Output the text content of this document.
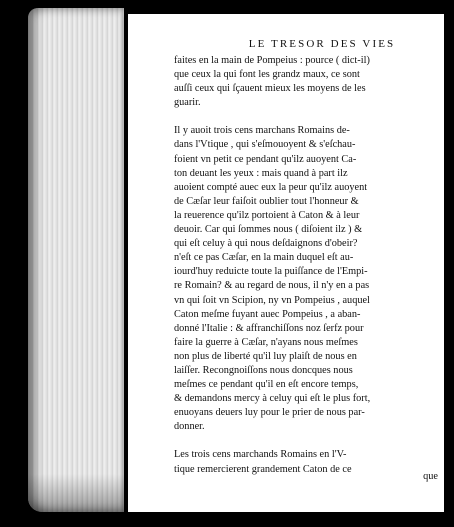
LE TRESOR DES VIES
faites en la main de Pompeius : pource ( dict-il)
que ceux la qui font les grandz maux, ce sont
auſſi ceux qui ſçauent mieux les moyens de les
guarir.
Il y auoit trois cens marchans Romains de-
dans l'Vtique , qui s'eſmouoyent & s'eſchau-
foient vn petit ce pendant qu'ilz auoyent Ca-
ton deuant les yeux : mais quand à part ilz
auoient compté auec eux la peur qu'ilz auoyent
de Cæſar leur faiſoit oublier tout l'honneur &
la reuerence qu'ilz portoient à Caton & à leur
deuoir. Car qui ſommes nous ( diſoient ilz ) &
qui eſt celuy à qui nous deſdaignons d'obeir?
n'eſt ce pas Cæſar, en la main duquel eſt au-
iourd'huy reduicte toute la puiſſance de l'Empi-
re Romain? & au regard de nous, il n'y en a pas
vn qui ſoit vn Scipion, ny vn Pompeius , auquel
Caton meſme fuyant auec Pompeius , a aban-
donné l'Italie : & affranchiſſons noz ſerfz pour
faire la guerre à Cæſar, n'ayans nous meſmes
non plus de liberté qu'il luy plaiſt de nous en
laiſſer. Recongnoiſſons nous doncques nous
meſmes ce pendant qu'il en eſt encore temps,
& demandons mercy à celuy qui eſt le plus fort,
enuoyans deuers luy pour le prier de nous par-
donner.
Les trois cens marchands Romains en l'V-
tique remercierent grandement Caton de ce
que
